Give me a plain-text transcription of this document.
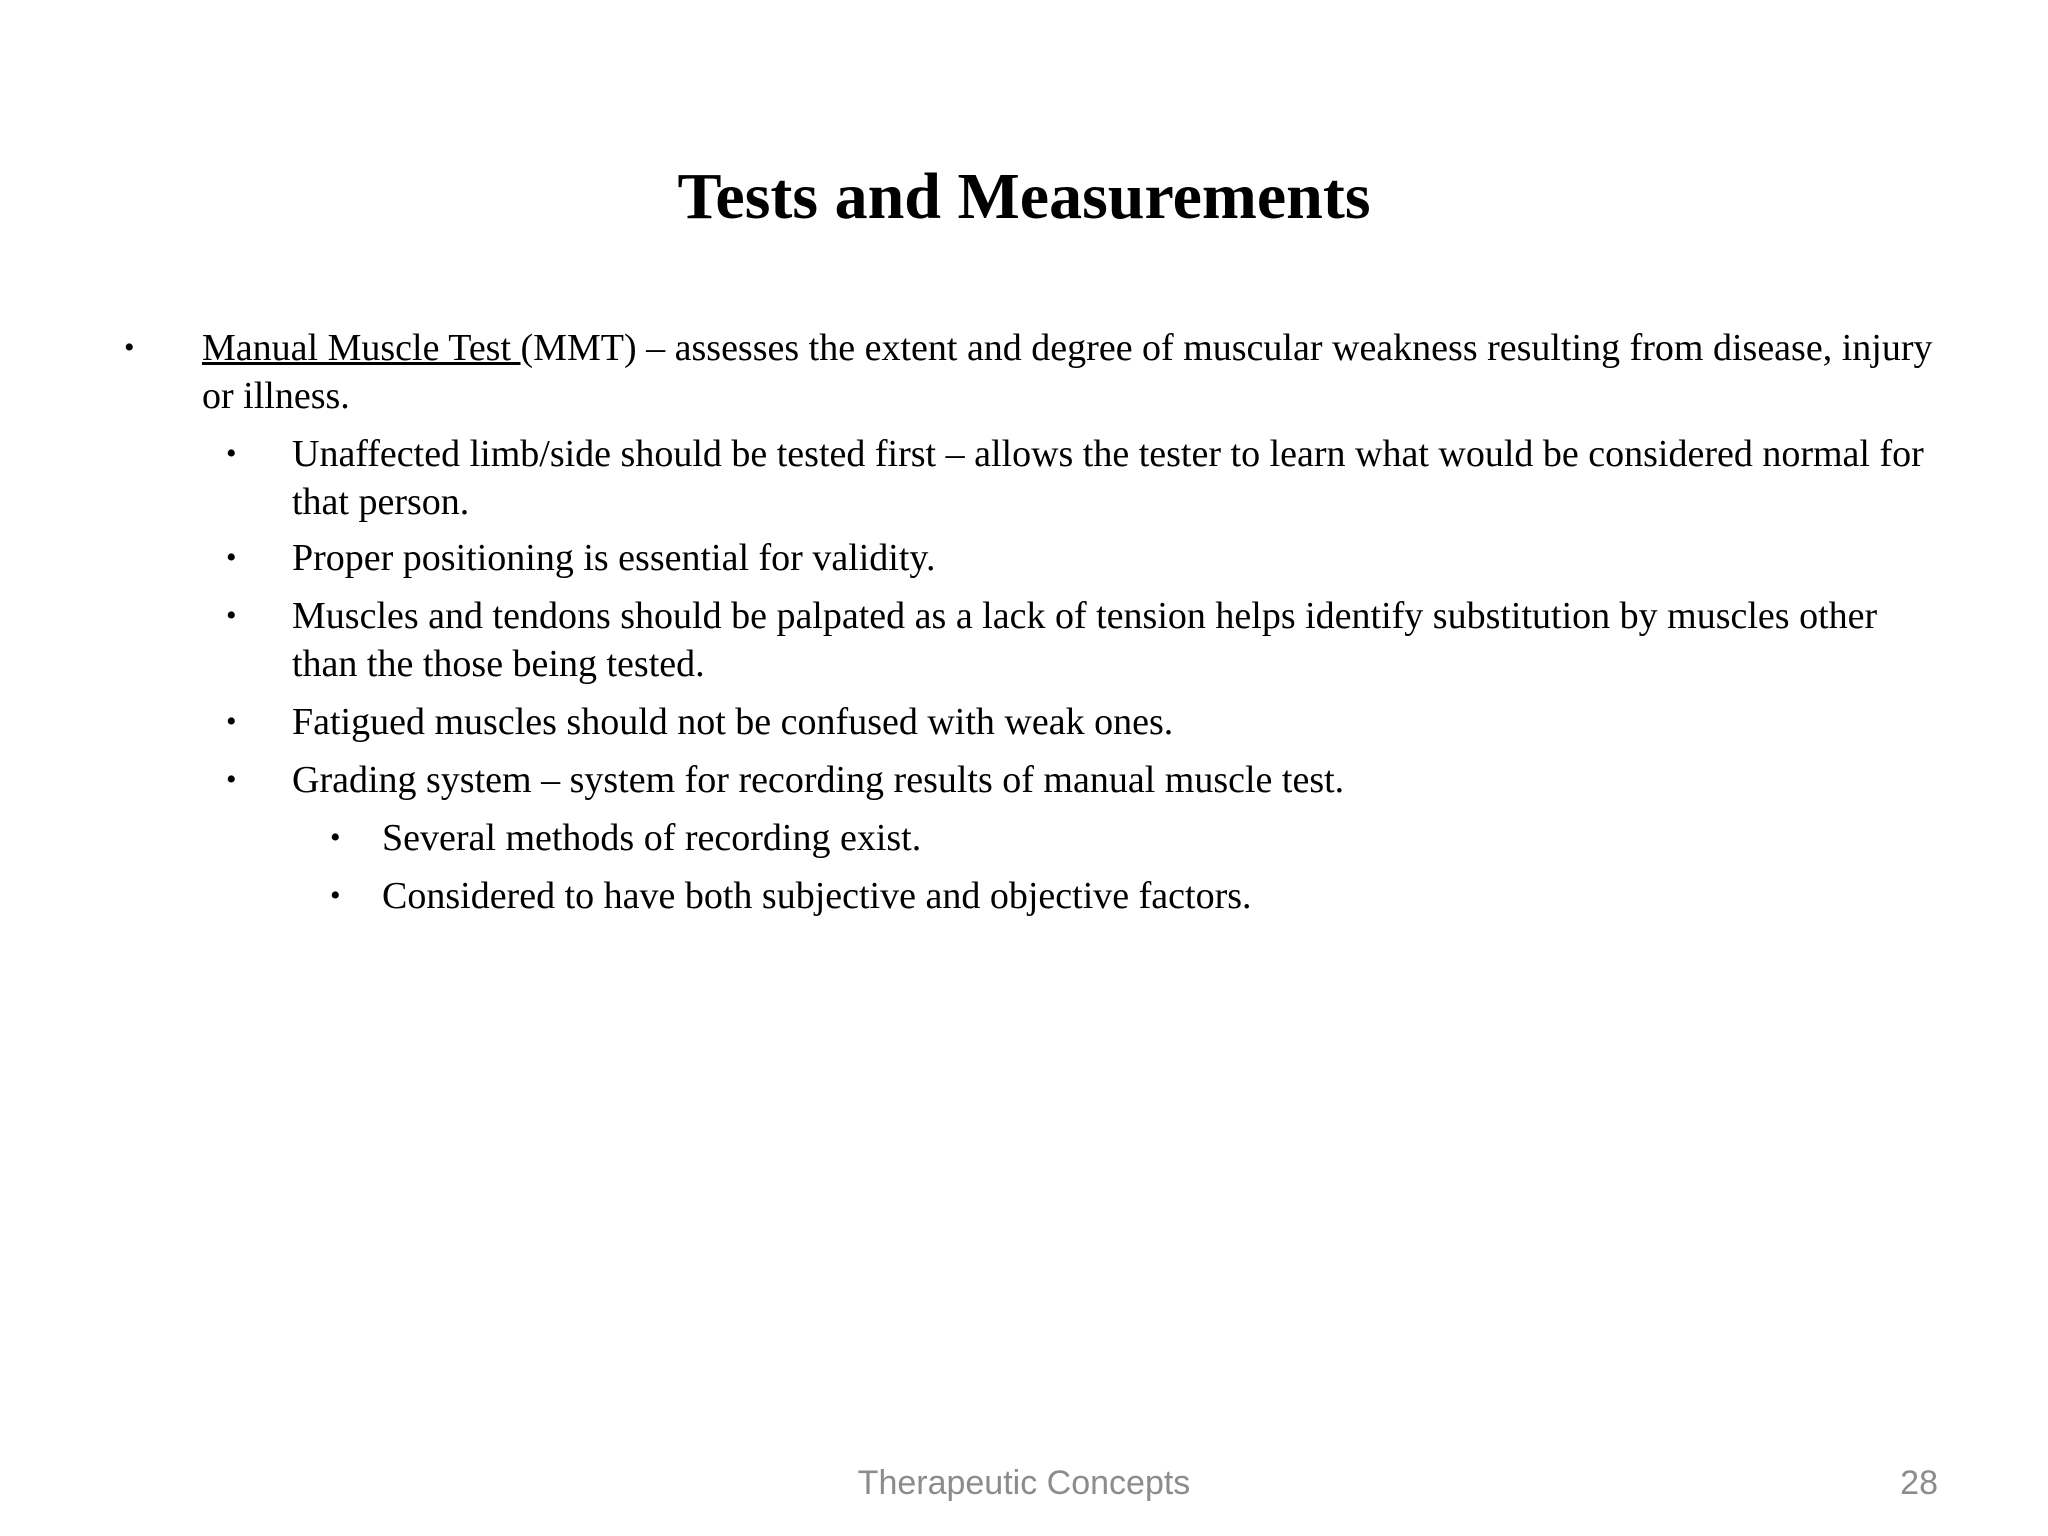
Tests and Measurements
• Manual Muscle Test (MMT) – assesses the extent and degree of muscular weakness resulting from disease, injury or illness.
• Unaffected limb/side should be tested first – allows the tester to learn what would be considered normal for that person.
• Proper positioning is essential for validity.
• Muscles and tendons should be palpated as a lack of tension helps identify substitution by muscles other than the those being tested.
• Fatigued muscles should not be confused with weak ones.
• Grading system – system for recording results of manual muscle test.
• Several methods of recording exist.
• Considered to have both subjective and objective factors.
Therapeutic Concepts	28
